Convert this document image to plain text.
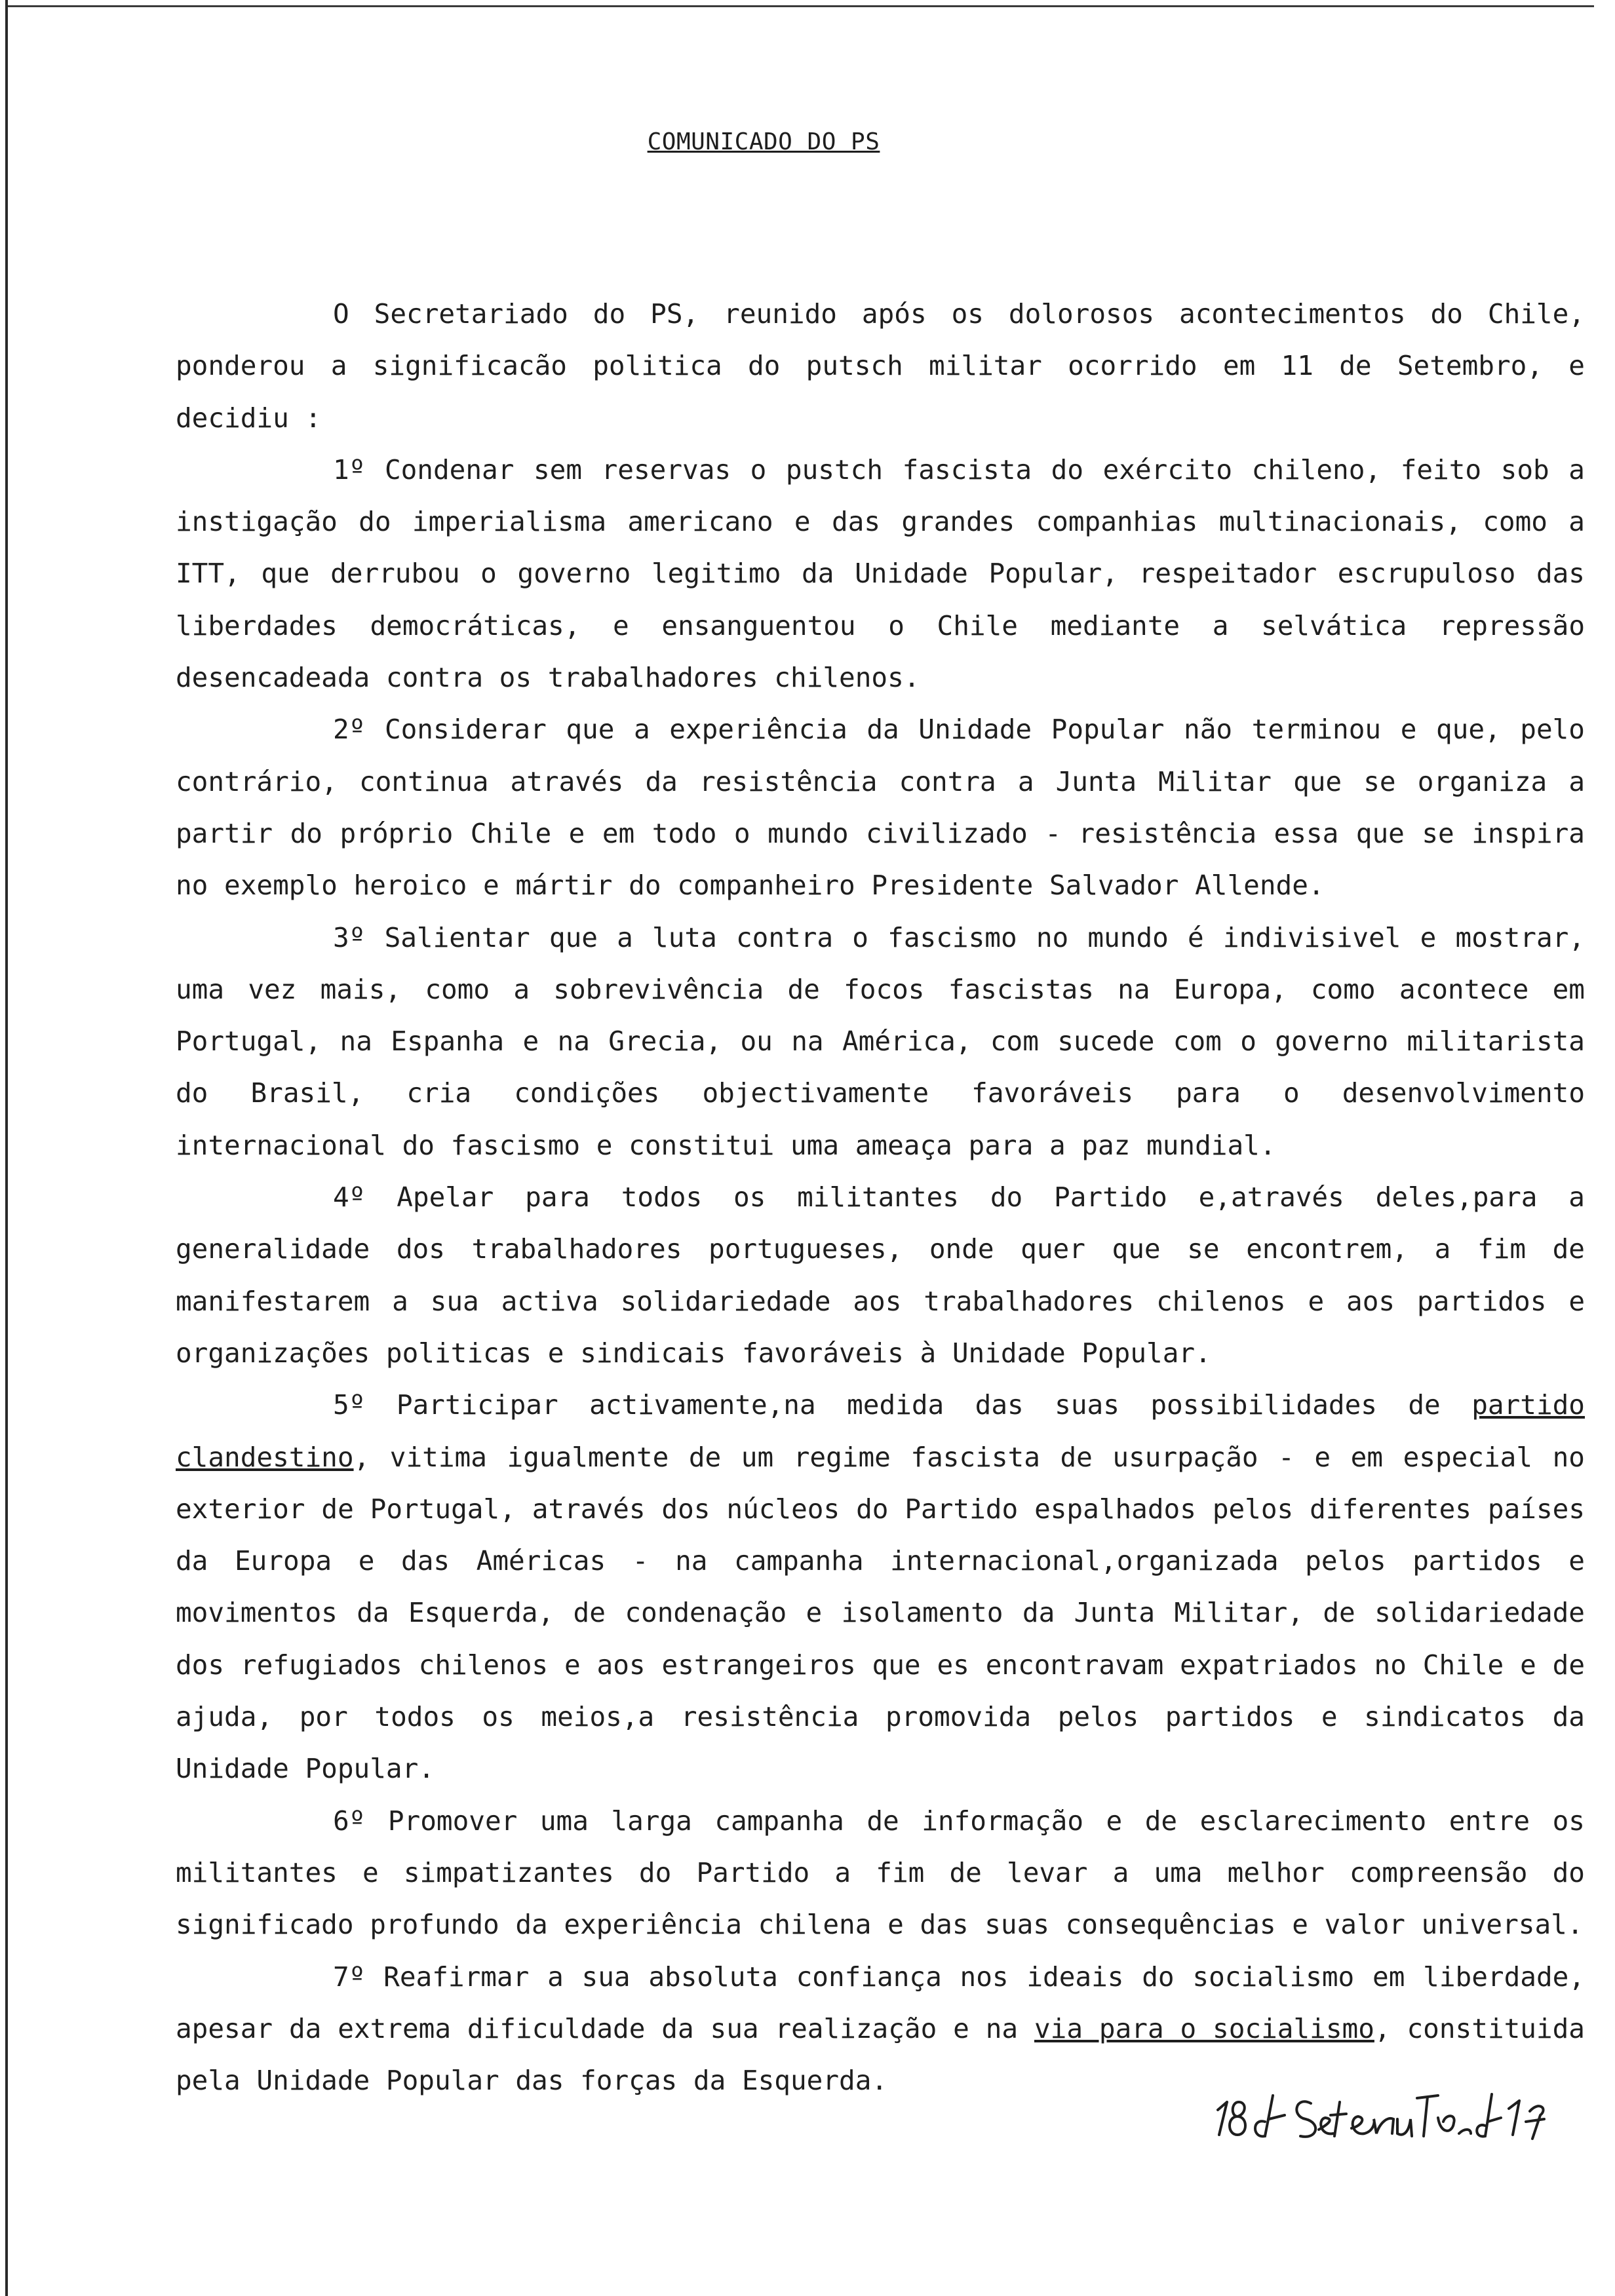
COMUNICADO DO PS

O Secretariado do PS, reunido após os dolorosos acontecimentos do Chile, ponderou a significacão politica do putsch militar ocorrido em 11 de Setembro, e decidiu :

1º Condenar sem reservas o pustch fascista do exército chileno, feito sob a instigação do imperialisma americano e das grandes companhias multinacionais, como a ITT, que derrubou o governo legitimo da Unidade Popular, respeitador escrupuloso das liberdades democráticas, e ensanguentou o Chile mediante a selvática repressão desencadeada contra os trabalhadores chilenos.

2º Considerar que a experiência da Unidade Popular não terminou e que, pelo contrário, continua através da resistência contra a Junta Militar que se organiza a partir do próprio Chile e em todo o mundo civilizado - resistência essa que se inspira no exemplo heroico e mártir do companheiro Presidente Salvador Allende.

3º Salientar que a luta contra o fascismo no mundo é indivisivel e mostrar, uma vez mais, como a sobrevivência de focos fascistas na Europa, como acontece em Portugal, na Espanha e na Grecia, ou na América, com sucede com o governo militarista do Brasil, cria condições objectivamente favoráveis para o desenvolvimento internacional do fascismo e constitui uma ameaça para a paz mundial.

4º Apelar para todos os militantes do Partido e,através deles,para a generalidade dos trabalhadores portugueses, onde quer que se encontrem, a fim de manifestarem a sua activa solidariedade aos trabalhadores chilenos e aos partidos e organizações politicas e sindicais favoráveis à Unidade Popular.

5º Participar activamente,na medida das suas possibilidades de partido clandestino, vitima igualmente de um regime fascista de usurpação - e em especial no exterior de Portugal, através dos núcleos do Partido espalhados pelos diferentes países da Europa e das Américas - na campanha internacional,organizada pelos partidos e movimentos da Esquerda, de condenação e isolamento da Junta Militar, de solidariedade dos refugiados chilenos e aos estrangeiros que es encontravam expatriados no Chile e de ajuda, por todos os meios,a resistência promovida pelos partidos e sindicatos da Unidade Popular.

6º Promover uma larga campanha de informação e de esclarecimento entre os militantes e simpatizantes do Partido a fim de levar a uma melhor compreensão do significado profundo da experiência chilena e das suas consequências e valor universal.

7º Reafirmar a sua absoluta confiança nos ideais do socialismo em liberdade, apesar da extrema dificuldade da sua realização e na via para o socialismo, constituida pela Unidade Popular das forças da Esquerda.
